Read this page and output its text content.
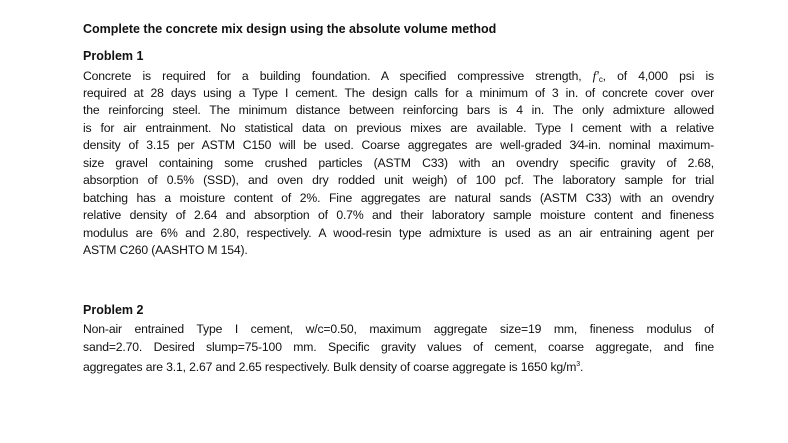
Complete the concrete mix design using the absolute volume method
Problem 1
Concrete is required for a building foundation. A specified compressive strength, $f'_c$, of 4,000 psi is
required at 28 days using a Type I cement. The design calls for a minimum of 3 in. of concrete cover over
the reinforcing steel. The minimum distance between reinforcing bars is 4 in. The only admixture allowed
is for air entrainment. No statistical data on previous mixes are available. Type I cement with a relative
density of 3.15 per ASTM C150 will be used. Coarse aggregates are well-graded 3⁄4-in. nominal maximum-
size gravel containing some crushed particles (ASTM C33) with an ovendry specific gravity of 2.68,
absorption of 0.5% (SSD), and oven dry rodded unit weigh) of 100 pcf. The laboratory sample for trial
batching has a moisture content of 2%. Fine aggregates are natural sands (ASTM C33) with an ovendry
relative density of 2.64 and absorption of 0.7% and their laboratory sample moisture content and fineness
modulus are 6% and 2.80, respectively. A wood-resin type admixture is used as an air entraining agent per
ASTM C260 (AASHTO M 154).
Problem 2
Non-air entrained Type I cement, w/c=0.50, maximum aggregate size=19 mm, fineness modulus of
sand=2.70. Desired slump=75-100 mm. Specific gravity values of cement, coarse aggregate, and fine
aggregates are 3.1, 2.67 and 2.65 respectively. Bulk density of coarse aggregate is 1650 $kg/m^3$.
